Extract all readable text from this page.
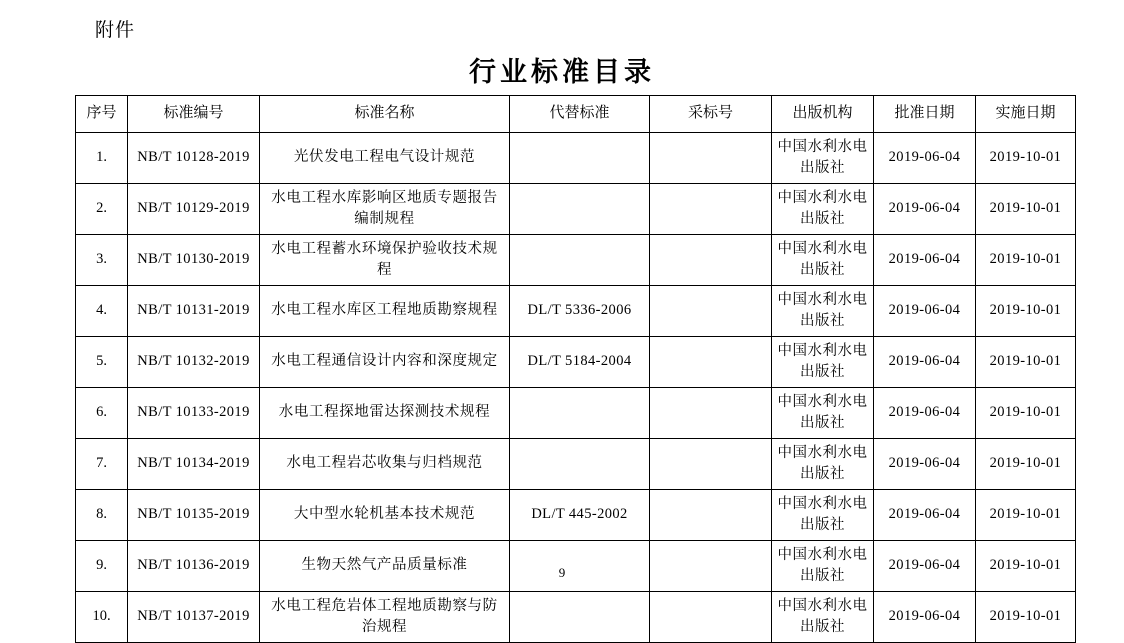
附件
行业标准目录
序号	标准编号	标准名称	代替标准	采标号	出版机构	批准日期	实施日期
1.	NB/T 10128-2019	光伏发电工程电气设计规范			中国水利水电出版社	2019-06-04	2019-10-01
2.	NB/T 10129-2019	水电工程水库影响区地质专题报告编制规程			中国水利水电出版社	2019-06-04	2019-10-01
3.	NB/T 10130-2019	水电工程蓄水环境保护验收技术规程			中国水利水电出版社	2019-06-04	2019-10-01
4.	NB/T 10131-2019	水电工程水库区工程地质勘察规程	DL/T 5336-2006		中国水利水电出版社	2019-06-04	2019-10-01
5.	NB/T 10132-2019	水电工程通信设计内容和深度规定	DL/T 5184-2004		中国水利水电出版社	2019-06-04	2019-10-01
6.	NB/T 10133-2019	水电工程探地雷达探测技术规程			中国水利水电出版社	2019-06-04	2019-10-01
7.	NB/T 10134-2019	水电工程岩芯收集与归档规范			中国水利水电出版社	2019-06-04	2019-10-01
8.	NB/T 10135-2019	大中型水轮机基本技术规范	DL/T 445-2002		中国水利水电出版社	2019-06-04	2019-10-01
9.	NB/T 10136-2019	生物天然气产品质量标准			中国水利水电出版社	2019-06-04	2019-10-01
10.	NB/T 10137-2019	水电工程危岩体工程地质勘察与防治规程			中国水利水电出版社	2019-06-04	2019-10-01
9
